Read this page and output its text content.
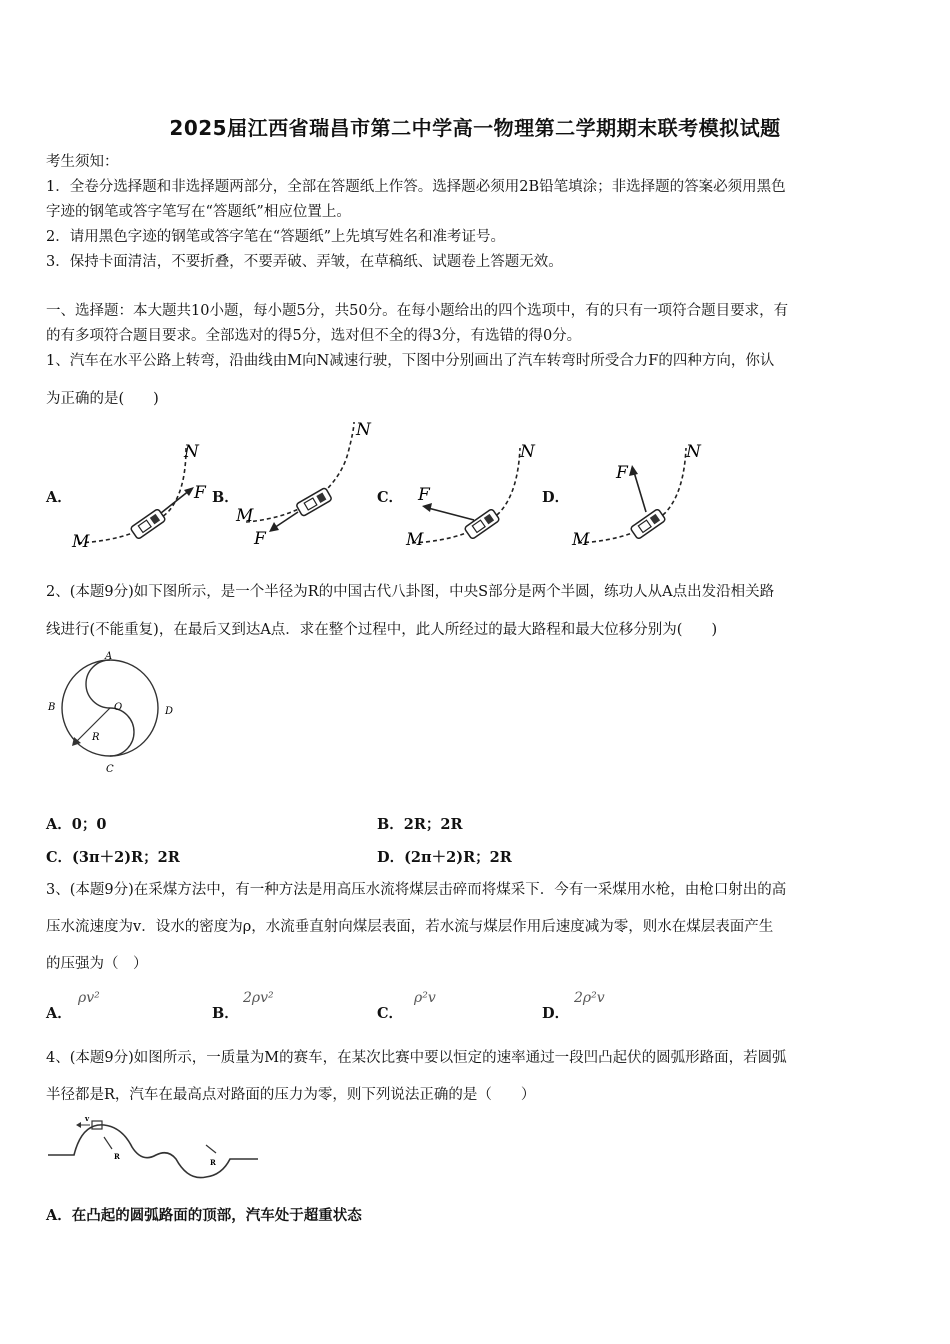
2025届江西省瑞昌市第二中学高一物理第二学期期末联考模拟试题
考生须知：
1．全卷分选择题和非选择题两部分，全部在答题纸上作答。选择题必须用2B铅笔填涂；非选择题的答案必须用黑色
字迹的钢笔或答字笔写在“答题纸”相应位置上。
2．请用黑色字迹的钢笔或答字笔在“答题纸”上先填写姓名和准考证号。
3．保持卡面清洁，不要折叠，不要弄破、弄皱，在草稿纸、试题卷上答题无效。
一、选择题：本大题共10小题，每小题5分，共50分。在每小题给出的四个选项中，有的只有一项符合题目要求，有
的有多项符合题目要求。全部选对的得5分，选对但不全的得3分，有选错的得0分。
1、汽车在水平公路上转弯，沿曲线由M向N减速行驶，下图中分别画出了汽车转弯时所受合力F的四种方向，你认
为正确的是(　　)
A．	B．	C．	D．
M
N
F
M
N
F	M
N
F
M
N
F
2、(本题9分)如下图所示，是一个半径为R的中国古代八卦图，中央S部分是两个半圆，练功人从A点出发沿相关路
线进行(不能重复)，在最后又到达A点．求在整个过程中，此人所经过的最大路程和最大位移分别为(　　)
A
B
C
D
O
R
A．0；0	B．2R；2R
C．(3π＋2)R；2R	D．(2π＋2)R；2R
3、(本题9分)在采煤方法中，有一种方法是用高压水流将煤层击碎而将煤采下．今有一采煤用水枪，由枪口射出的高
压水流速度为v．设水的密度为ρ，水流垂直射向煤层表面，若水流与煤层作用后速度减为零，则水在煤层表面产生
的压强为（　）
A．
ρv²
B．
2ρv²
C．
ρ²v
D．
2ρ²v
4、(本题9分)如图所示，一质量为M的赛车，在某次比赛中要以恒定的速率通过一段凹凸起伏的圆弧形路面，若圆弧
半径都是R，汽车在最高点对路面的压力为零，则下列说法正确的是（　　）
v
R
R
A．在凸起的圆弧路面的顶部，汽车处于超重状态
